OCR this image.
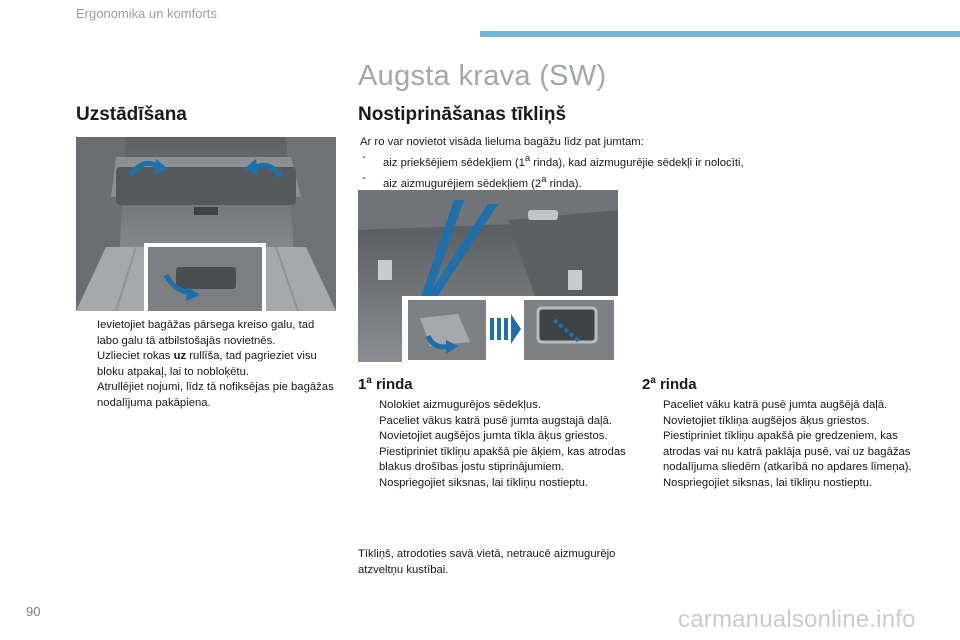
Ergonomika un komforts
Augsta krava (SW)
Uzstādīšana
Ievietojiet bagāžas pārsega kreiso galu, tad labo galu tā atbilstošajās novietnēs.
Uzlieciet rokas uz rullīša, tad pagrieziet visu bloku atpakaļ, lai to nobloķētu.
Atrullējiet nojumi, līdz tā nofiksējas pie bagāžas nodalījuma pakāpiena.
Nostiprināšanas tīkliņš
Ar ro var novietot visāda lieluma bagāžu līdz pat jumtam:
- aiz priekšējiem sēdekļiem (1$^a$ rinda), kad aizmugurējie sēdekļi ir nolocīti,
- aiz aizmugurējiem sēdekļiem (2$^a$ rinda).
1$^a$ rinda
Nolokiet aizmugurējos sēdekļus.
Paceliet vākus katrā pusē jumta augstajā daļā.
Novietojiet augšējos jumta tīkla āķus griestos.
Piestipriniet tīkliņu apakšā pie āķiem, kas atrodas blakus drošības jostu stiprinājumiem.
Nospriegojiet siksnas, lai tīkliņu nostieptu.
Tīkliņš, atrodoties savā vietā, netraucē aizmugurējo atzveltņu kustībai.
2$^a$ rinda
Paceliet vāku katrā pusē jumta augšējā daļā.
Novietojiet tīkliņa augšējos āķus griestos.
Piestipriniet tīkliņu apakšā pie gredzeniem, kas atrodas vai nu katrā paklāja pusē, vai uz bagāžas nodalījuma sliedēm (atkarībā no apdares līmeņa).
Nospriegojiet siksnas, lai tīkliņu nostieptu.
90	carmanualsonline.info
